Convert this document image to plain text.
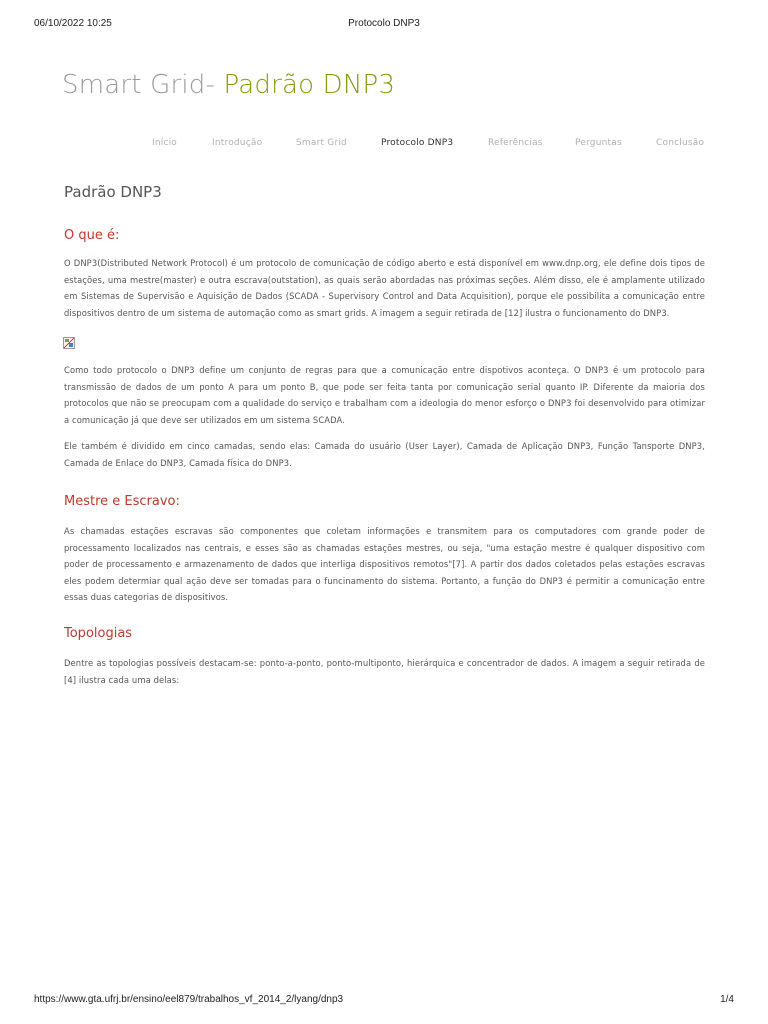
06/10/2022 10:25	Protocolo DNP3
Smart Grid- Padrão DNP3
Início	Introdução	Smart Grid	Protocolo DNP3	Referências	Perguntas	Conclusão
Padrão DNP3
O que é:

O DNP3(Distributed Network Protocol) é um protocolo de comunicação de código aberto e está disponível em www.dnp.org, ele define dois tipos de estações, uma mestre(master) e outra escrava(outstation), as quais serão abordadas nas próximas seções. Além disso, ele é amplamente utilizado em Sistemas de Supervisão e Aquisição de Dados (SCADA - Supervisory Control and Data Acquisition), porque ele possibilita a comunicação entre dispositivos dentro de um sistema de automação como as smart grids. A imagem a seguir retirada de [12] ilustra o funcionamento do DNP3.

Como todo protocolo o DNP3 define um conjunto de regras para que a comunicação entre dispotivos aconteça. O DNP3 é um protocolo para transmissão de dados de um ponto A para um ponto B, que pode ser feita tanta por comunicação serial quanto IP. Diferente da maioria dos protocolos que não se preocupam com a qualidade do serviço e trabalham com a ideologia do menor esforço o DNP3 foi desenvolvido para otimizar a comunicação já que deve ser utilizados em um sistema SCADA.

Ele também é dividido em cinco camadas, sendo elas: Camada do usuário (User Layer), Camada de Aplicação DNP3, Função Tansporte DNP3, Camada de Enlace do DNP3, Camada física do DNP3.

Mestre e Escravo:

As chamadas estações escravas são componentes que coletam informações e transmitem para os computadores com grande poder de processamento localizados nas centrais, e esses são as chamadas estações mestres, ou seja, "uma estação mestre é qualquer dispositivo com poder de processamento e armazenamento de dados que interliga dispositivos remotos"[7]. A partir dos dados coletados pelas estações escravas eles podem determiar qual ação deve ser tomadas para o funcinamento do sistema. Portanto, a função do DNP3 é permitir a comunicação entre essas duas categorias de dispositivos.

Topologias

Dentre as topologias possíveis destacam-se: ponto-a-ponto, ponto-multiponto, hierárquica e concentrador de dados. A imagem a seguir retirada de [4] ilustra cada uma delas:

https://www.gta.ufrj.br/ensino/eel879/trabalhos_vf_2014_2/lyang/dnp3	1/4
